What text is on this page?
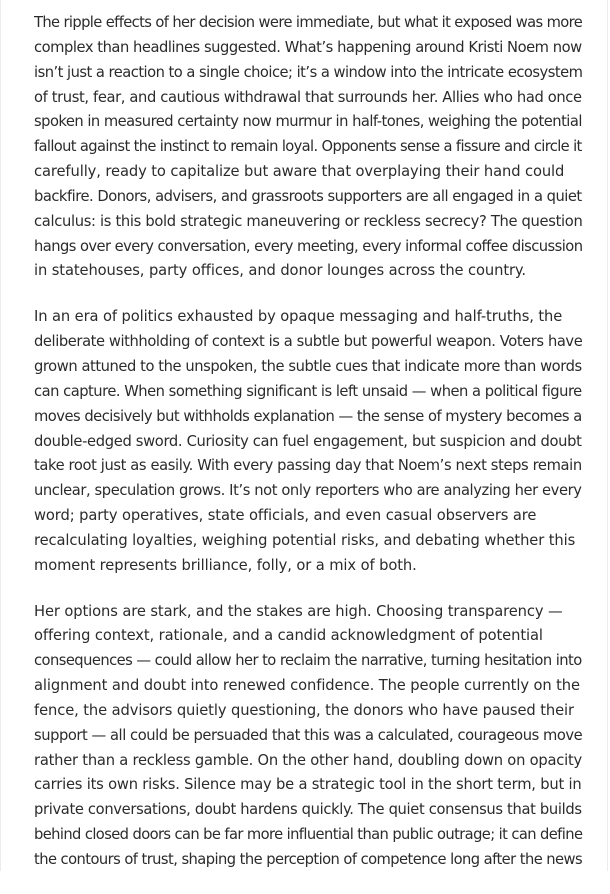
The ripple effects of her decision were immediate, but what it exposed was more
complex than headlines suggested. What’s happening around Kristi Noem now
isn’t just a reaction to a single choice; it’s a window into the intricate ecosystem
of trust, fear, and cautious withdrawal that surrounds her. Allies who had once
spoken in measured certainty now murmur in half-tones, weighing the potential
fallout against the instinct to remain loyal. Opponents sense a fissure and circle it
carefully, ready to capitalize but aware that overplaying their hand could
backfire. Donors, advisers, and grassroots supporters are all engaged in a quiet
calculus: is this bold strategic maneuvering or reckless secrecy? The question
hangs over every conversation, every meeting, every informal coffee discussion
in statehouses, party offices, and donor lounges across the country.
In an era of politics exhausted by opaque messaging and half-truths, the
deliberate withholding of context is a subtle but powerful weapon. Voters have
grown attuned to the unspoken, the subtle cues that indicate more than words
can capture. When something significant is left unsaid — when a political figure
moves decisively but withholds explanation — the sense of mystery becomes a
double-edged sword. Curiosity can fuel engagement, but suspicion and doubt
take root just as easily. With every passing day that Noem’s next steps remain
unclear, speculation grows. It’s not only reporters who are analyzing her every
word; party operatives, state officials, and even casual observers are
recalculating loyalties, weighing potential risks, and debating whether this
moment represents brilliance, folly, or a mix of both.
Her options are stark, and the stakes are high. Choosing transparency —
offering context, rationale, and a candid acknowledgment of potential
consequences — could allow her to reclaim the narrative, turning hesitation into
alignment and doubt into renewed confidence. The people currently on the
fence, the advisors quietly questioning, the donors who have paused their
support — all could be persuaded that this was a calculated, courageous move
rather than a reckless gamble. On the other hand, doubling down on opacity
carries its own risks. Silence may be a strategic tool in the short term, but in
private conversations, doubt hardens quickly. The quiet consensus that builds
behind closed doors can be far more influential than public outrage; it can define
the contours of trust, shaping the perception of competence long after the news
